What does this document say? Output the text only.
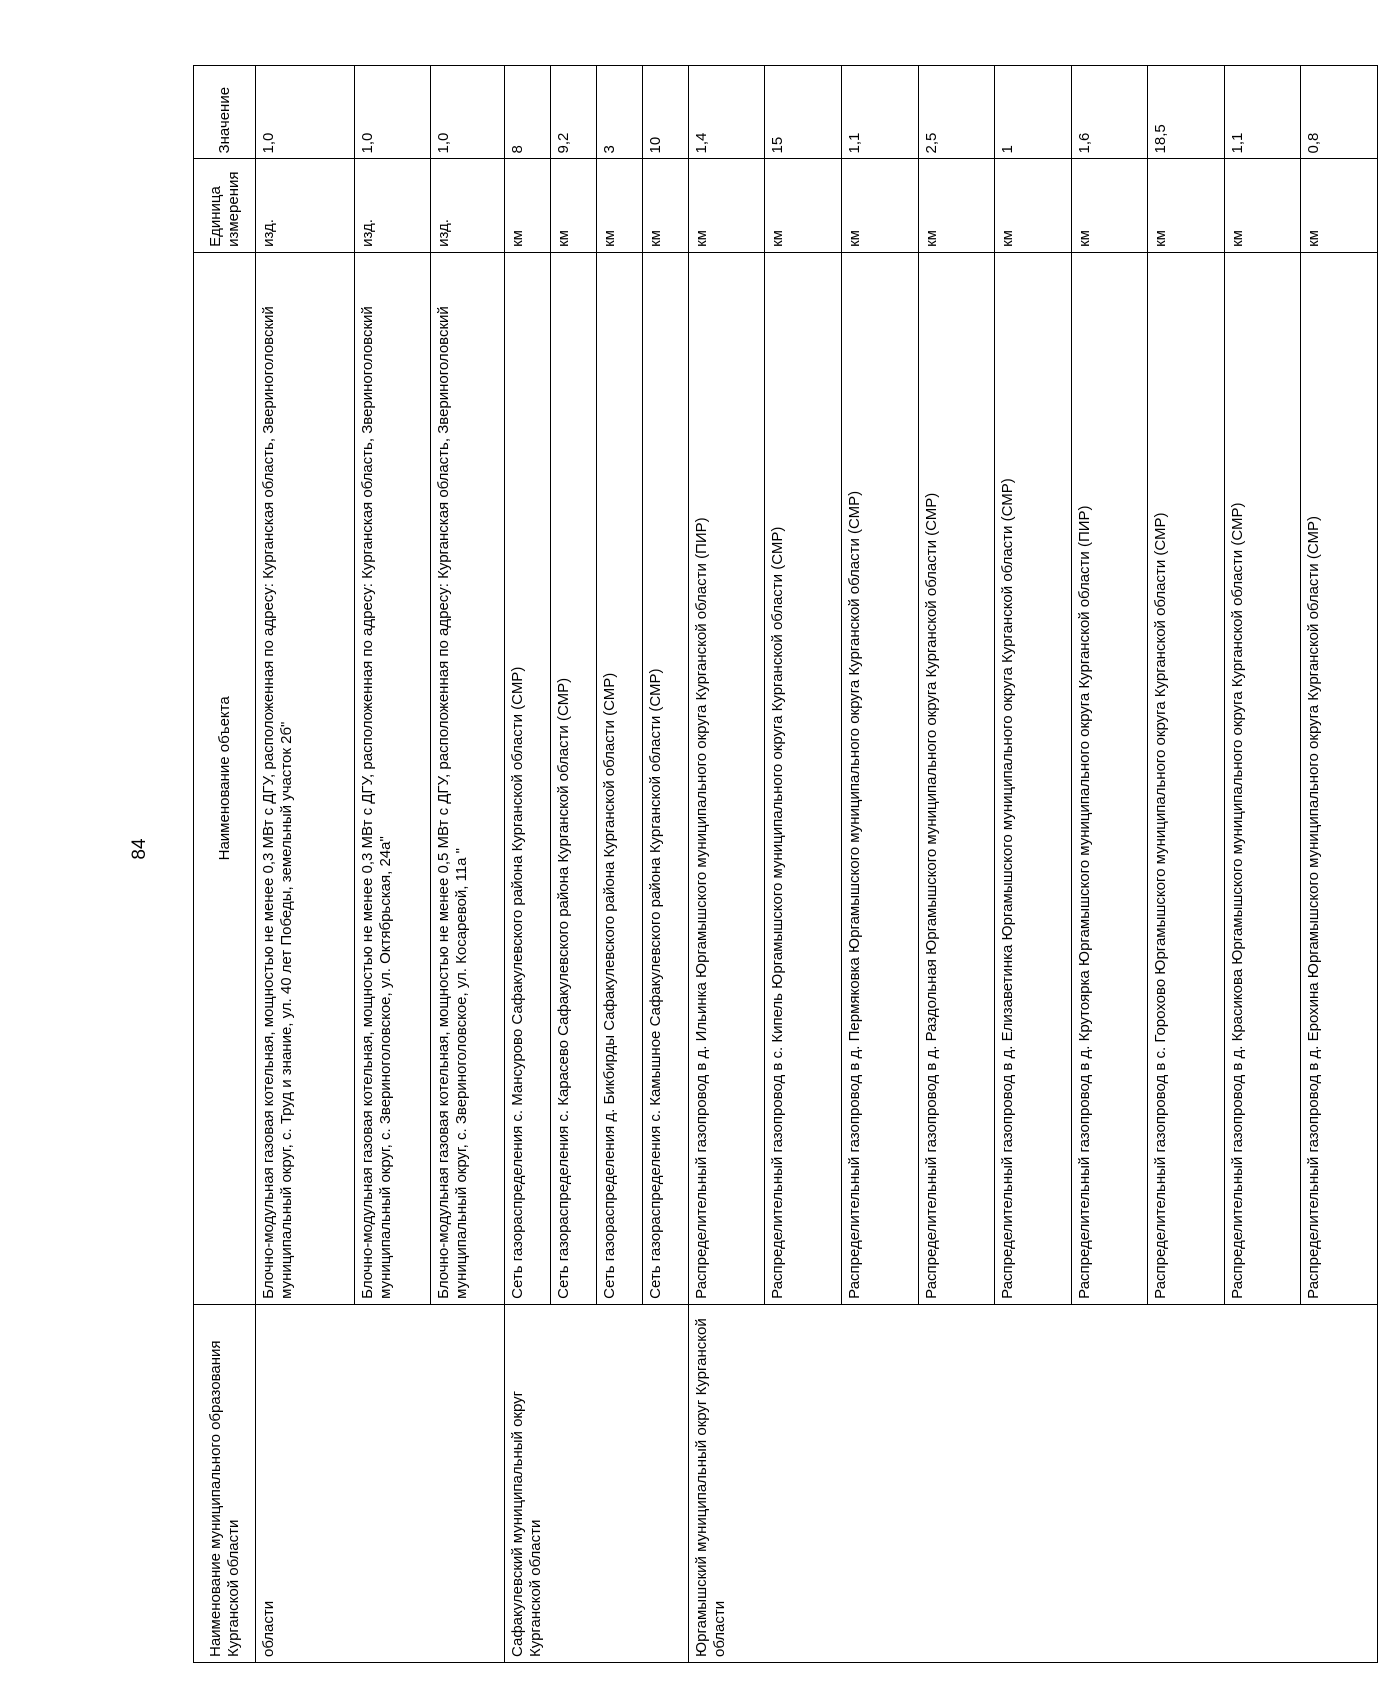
84
Наименование муниципального образования Курганской области	Наименование объекта	Единица измерения	Значение
области	Блочно-модульная газовая котельная, мощностью не менее 0,3 МВт с ДГУ, расположенная по адресу: Курганская область, Звериноголовский муниципальный округ, с. Труд и знание, ул. 40 лет Победы, земельный участок 2б"	изд.	1,0
	Блочно-модульная газовая котельная, мощностью не менее 0,3 МВт с ДГУ, расположенная по адресу: Курганская область, Звериноголовский муниципальный округ, с. Звериноголовское, ул. Октябрьская, 24а"	изд.	1,0
	Блочно-модульная газовая котельная, мощностью не менее 0,5 МВт с ДГУ, расположенная по адресу: Курганская область, Звериноголовский муниципальный округ, с. Звериноголовское, ул. Косаревой, 11а "	изд.	1,0
Сафакулевский муниципальный округ Курганской области	Сеть газораспределения с. Мансурово Сафакулевского района Курганской области (СМР)	км	8
	Сеть газораспределения с. Карасево Сафакулевского района Курганской области (СМР)	км	9,2
	Сеть газораспределения д. Бикбирды Сафакулевского района Курганской области (СМР)	км	3
	Сеть газораспределения с. Камышное Сафакулевского района Курганской области (СМР)	км	10
Юргамышский муниципальный округ Курганской области	Распределительный газопровод в д. Ильинка Юргамышского муниципального округа Курганской области (ПИР)	км	1,4
	Распределительный газопровод в с. Кипель Юргамышского муниципального округа Курганской области (СМР)	км	15
	Распределительный газопровод в д. Пермяковка Юргамышского муниципального округа Курганской области (СМР)	км	1,1
	Распределительный газопровод в д. Раздольная Юргамышского муниципального округа Курганской области (СМР)	км	2,5
	Распределительный газопровод в д. Елизаветинка Юргамышского муниципального округа Курганской области (СМР)	км	1
	Распределительный газопровод в д. Крутоярка Юргамышского муниципального округа Курганской области (ПИР)	км	1,6
	Распределительный газопровод в с. Горохово Юргамышского муниципального округа Курганской области (СМР)	км	18,5
	Распределительный газопровод в д. Красикова Юргамышского муниципального округа Курганской области (СМР)	км	1,1
	Распределительный газопровод в д. Ерохина Юргамышского муниципального округа Курганской области (СМР)	км	0,8
